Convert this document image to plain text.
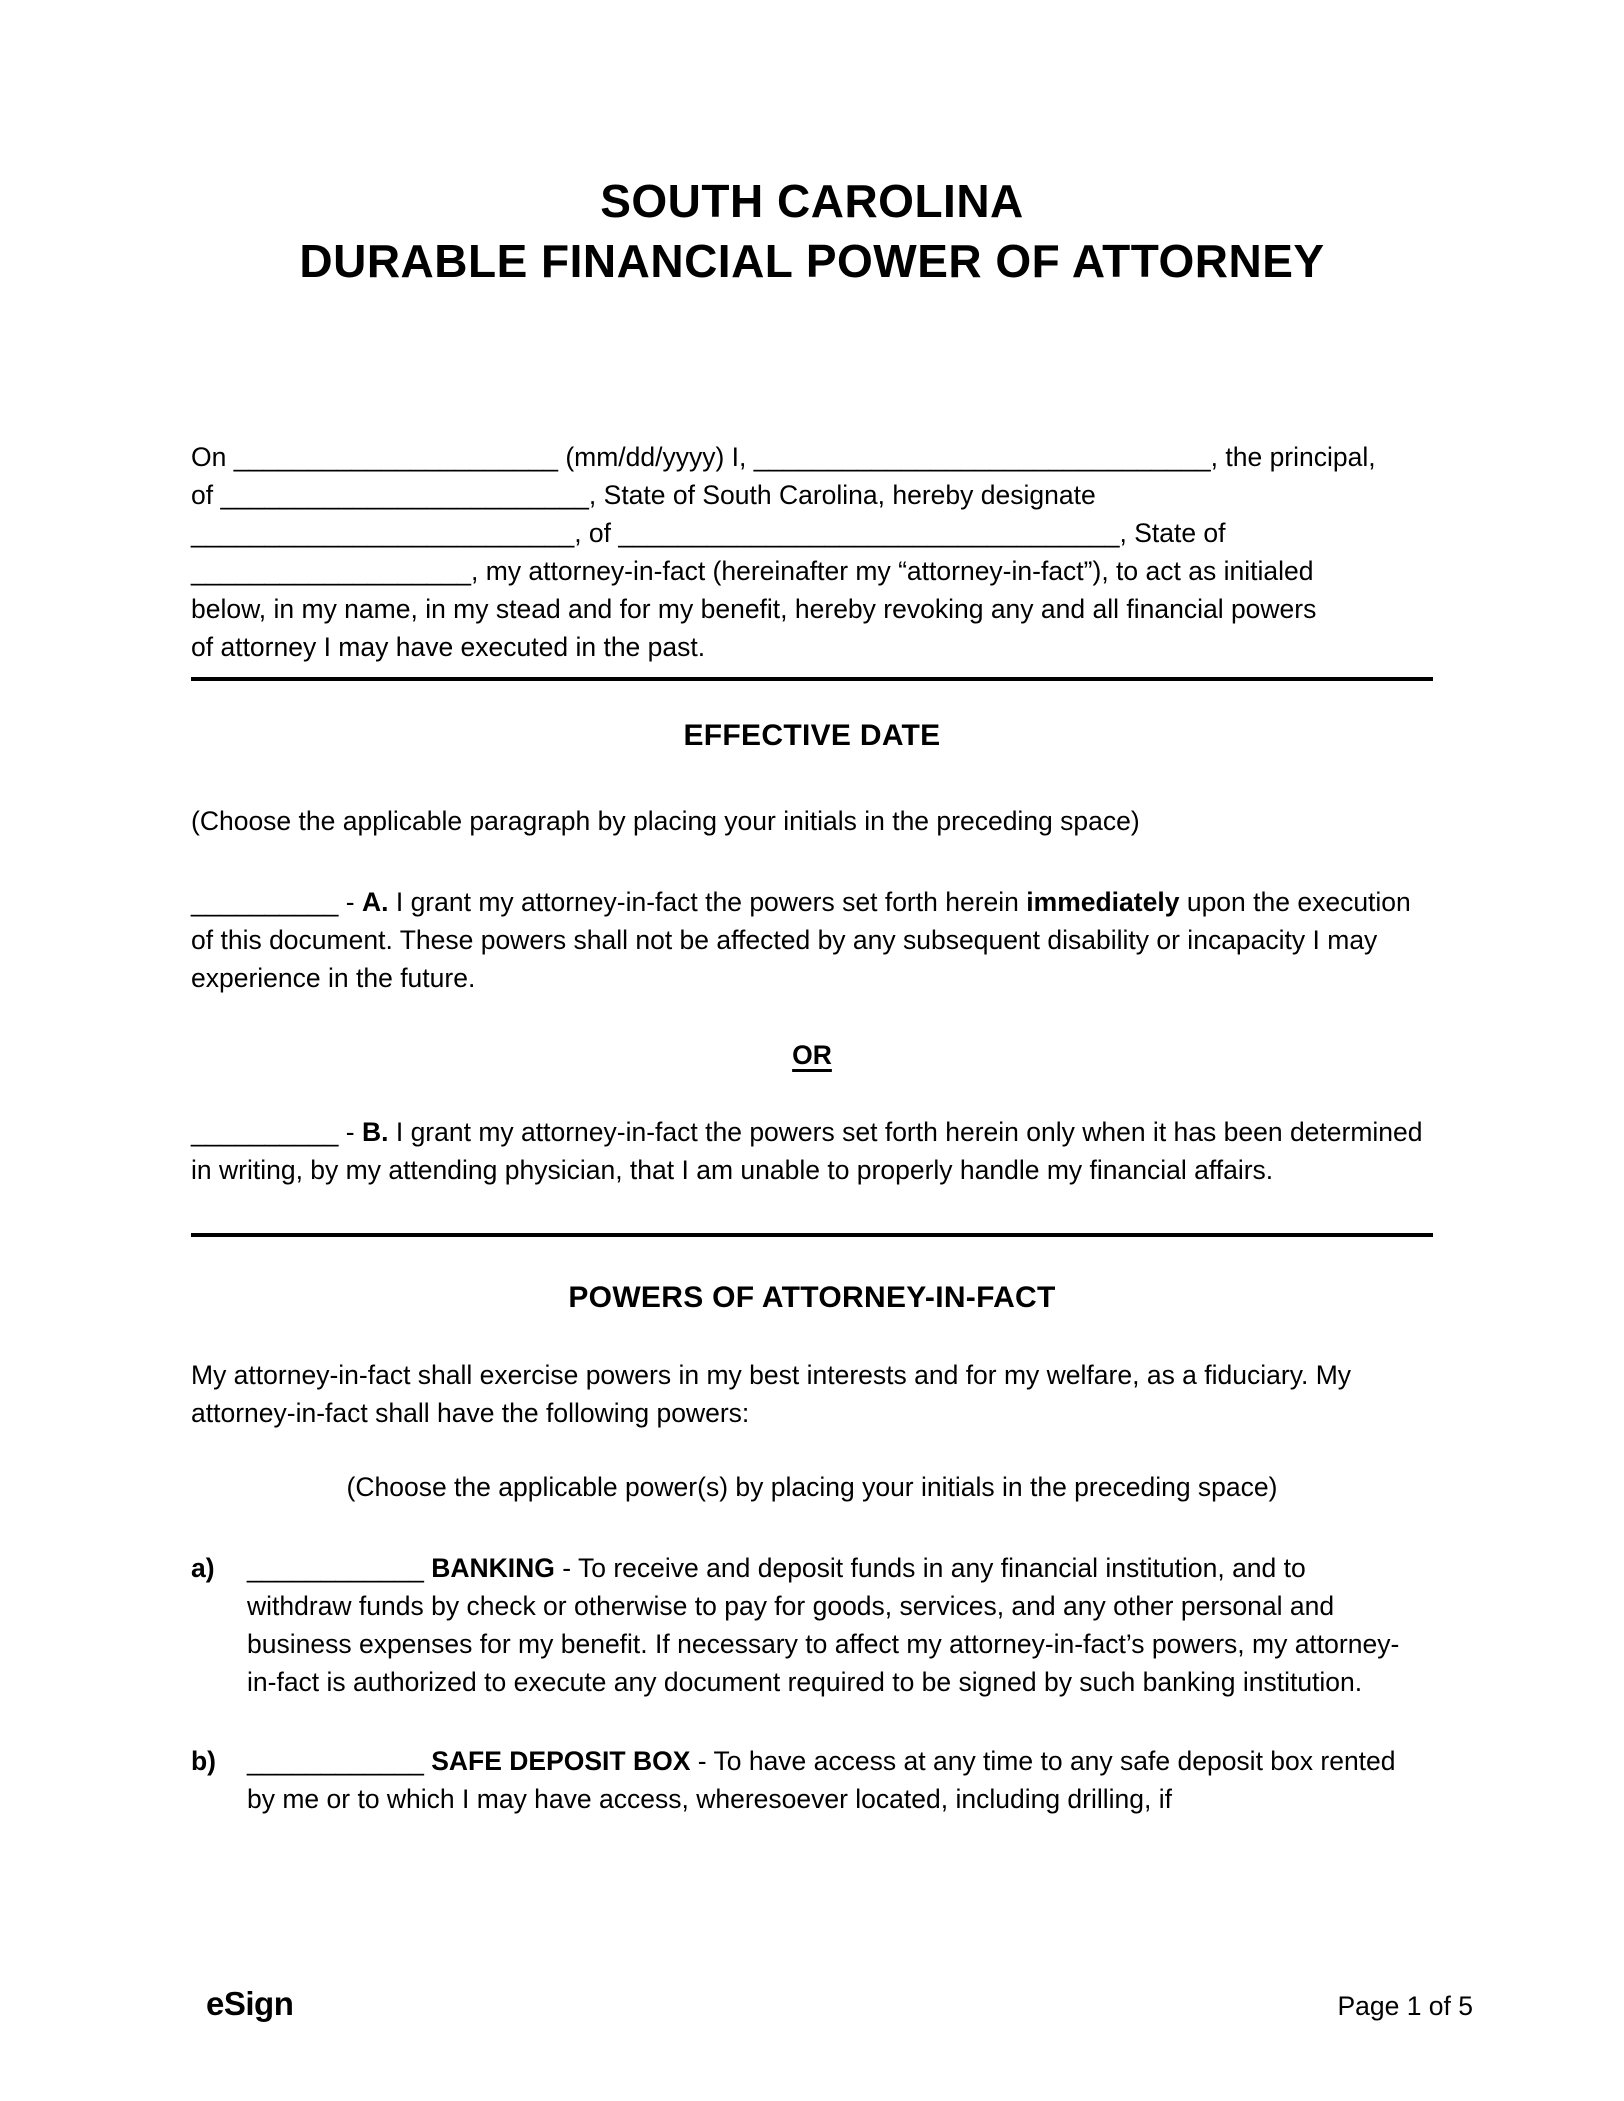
SOUTH CAROLINA
DURABLE FINANCIAL POWER OF ATTORNEY
On ______________________ (mm/dd/yyyy) I, _______________________________, the principal,
of _________________________, State of South Carolina, hereby designate
__________________________, of __________________________________, State of
___________________, my attorney-in-fact (hereinafter my “attorney-in-fact”), to act as initialed
below, in my name, in my stead and for my benefit, hereby revoking any and all financial powers
of attorney I may have executed in the past.
EFFECTIVE DATE
(Choose the applicable paragraph by placing your initials in the preceding space)

__________ - A. I grant my attorney-in-fact the powers set forth herein immediately upon the execution of this document. These powers shall not be affected by any subsequent disability or incapacity I may experience in the future.

OR

__________ - B. I grant my attorney-in-fact the powers set forth herein only when it has been determined in writing, by my attending physician, that I am unable to properly handle my financial affairs.

POWERS OF ATTORNEY-IN-FACT

My attorney-in-fact shall exercise powers in my best interests and for my welfare, as a fiduciary. My attorney-in-fact shall have the following powers:

(Choose the applicable power(s) by placing your initials in the preceding space)
a)	____________ BANKING - To receive and deposit funds in any financial institution, and to withdraw funds by check or otherwise to pay for goods, services, and any other personal and business expenses for my benefit. If necessary to affect my attorney-in-fact’s powers, my attorney-in-fact is authorized to execute any document required to be signed by such banking institution.
b)	____________ SAFE DEPOSIT BOX - To have access at any time to any safe deposit box rented by me or to which I may have access, wheresoever located, including drilling, if
eSign	Page 1 of 5
